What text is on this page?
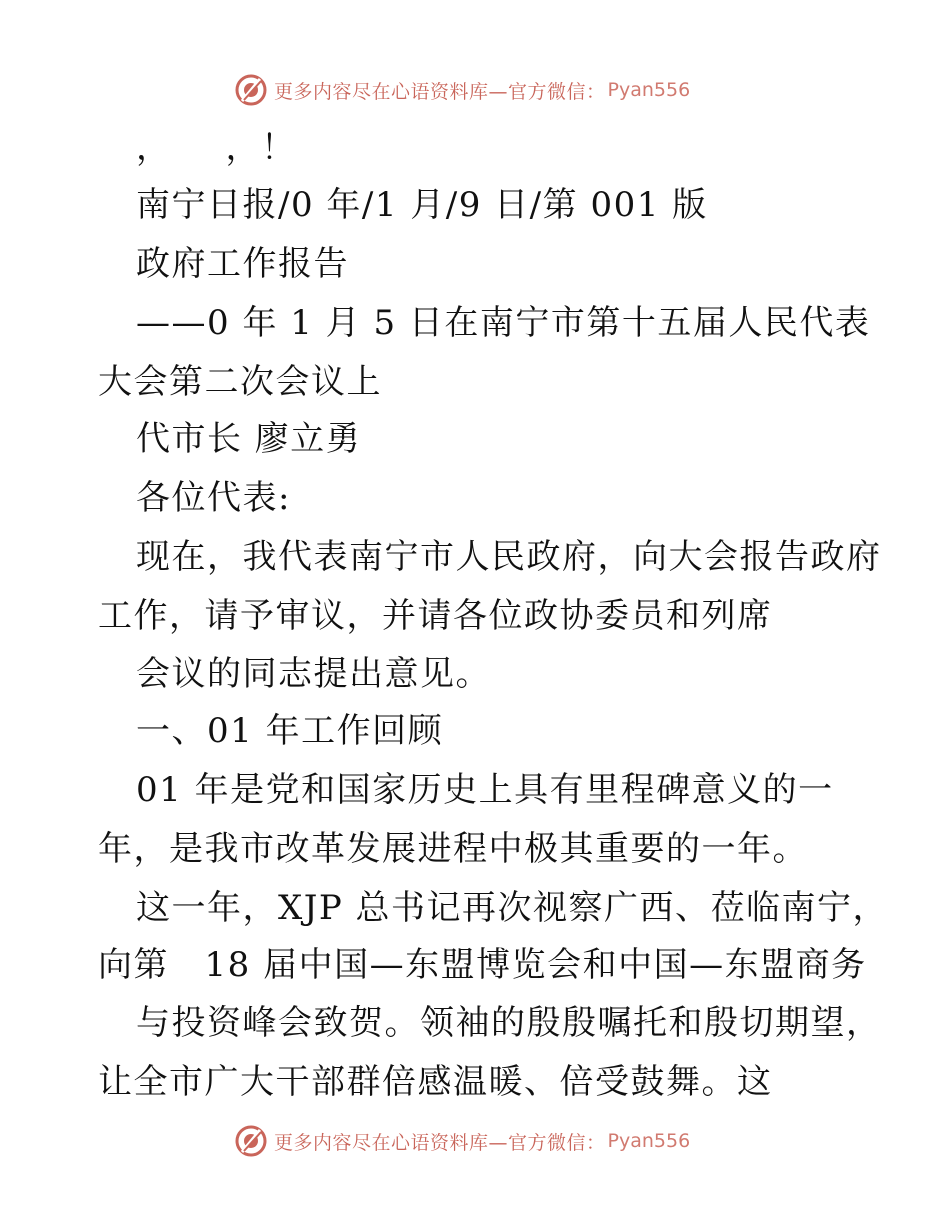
更多内容尽在心语资料库—官方微信： Pyan556
，　　，！
南宁日报/0 年/1 月/9 日/第 001 版
政府工作报告
——0 年 1 月 5 日在南宁市第十五届人民代表
大会第二次会议上
代市长 廖立勇
各位代表:
现在，我代表南宁市人民政府，向大会报告政府
工作，请予审议，并请各位政协委员和列席
会议的同志提出意见。
一、01 年工作回顾
01 年是党和国家历史上具有里程碑意义的一
年，是我市改革发展进程中极其重要的一年。
这一年，XJP 总书记再次视察广西、莅临南宁，
向第　18 届中国—东盟博览会和中国—东盟商务
与投资峰会致贺。领袖的殷殷嘱托和殷切期望，
让全市广大干部群倍感温暖、倍受鼓舞。这
更多内容尽在心语资料库—官方微信： Pyan556
